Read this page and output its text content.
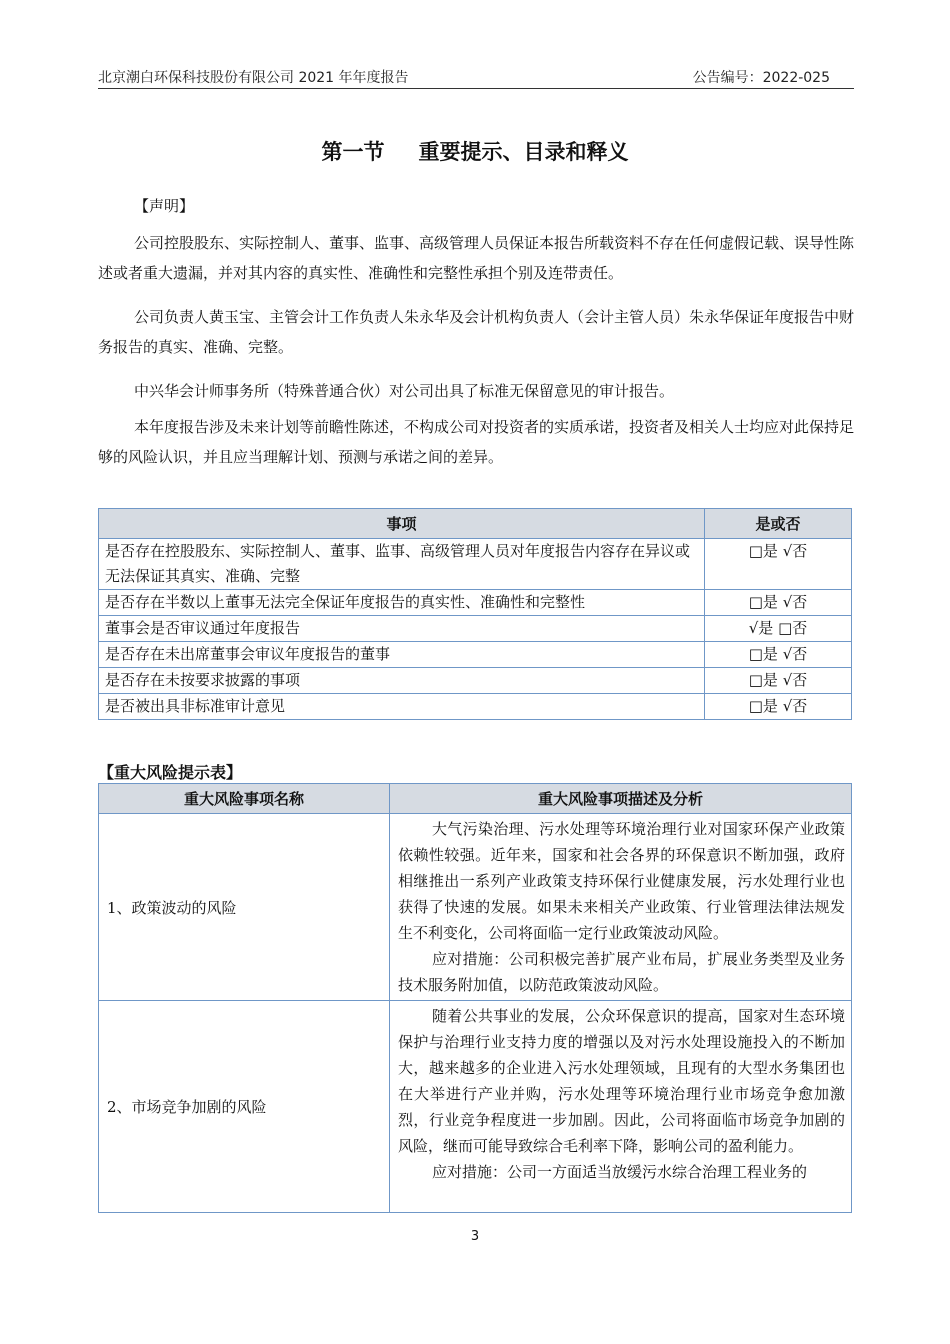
北京潮白环保科技股份有限公司 2021 年年度报告	公告编号：2022-025
第一节 重要提示、目录和释义
【声明】
公司控股股东、实际控制人、董事、监事、高级管理人员保证本报告所载资料不存在任何虚假记载、误导性陈述或者重大遗漏，并对其内容的真实性、准确性和完整性承担个别及连带责任。
公司负责人黄玉宝、主管会计工作负责人朱永华及会计机构负责人（会计主管人员）朱永华保证年度报告中财务报告的真实、准确、完整。
中兴华会计师事务所（特殊普通合伙）对公司出具了标准无保留意见的审计报告。
本年度报告涉及未来计划等前瞻性陈述，不构成公司对投资者的实质承诺，投资者及相关人士均应对此保持足够的风险认识，并且应当理解计划、预测与承诺之间的差异。
事项	是或否
是否存在控股股东、实际控制人、董事、监事、高级管理人员对年度报告内容存在异议或无法保证其真实、准确、完整	□是 √否
是否存在半数以上董事无法完全保证年度报告的真实性、准确性和完整性	□是 √否
董事会是否审议通过年度报告	√是 □否
是否存在未出席董事会审议年度报告的董事	□是 √否
是否存在未按要求披露的事项	□是 √否
是否被出具非标准审计意见	□是 √否
【重大风险提示表】
重大风险事项名称	重大风险事项描述及分析
1、政策波动的风险	大气污染治理、污水处理等环境治理行业对国家环保产业政策依赖性较强。近年来，国家和社会各界的环保意识不断加强，政府相继推出一系列产业政策支持环保行业健康发展，污水处理行业也获得了快速的发展。如果未来相关产业政策、行业管理法律法规发生不利变化，公司将面临一定行业政策波动风险。

应对措施：公司积极完善扩展产业布局，扩展业务类型及业务技术服务附加值，以防范政策波动风险。

2、市场竞争加剧的风险	随着公共事业的发展，公众环保意识的提高，国家对生态环境保护与治理行业支持力度的增强以及对污水处理设施投入的不断加大，越来越多的企业进入污水处理领域，且现有的大型水务集团也在大举进行产业并购，污水处理等环境治理行业市场竞争愈加激烈，行业竞争程度进一步加剧。因此，公司将面临市场竞争加剧的风险，继而可能导致综合毛利率下降，影响公司的盈利能力。

应对措施：公司一方面适当放缓污水综合治理工程业务的

3
